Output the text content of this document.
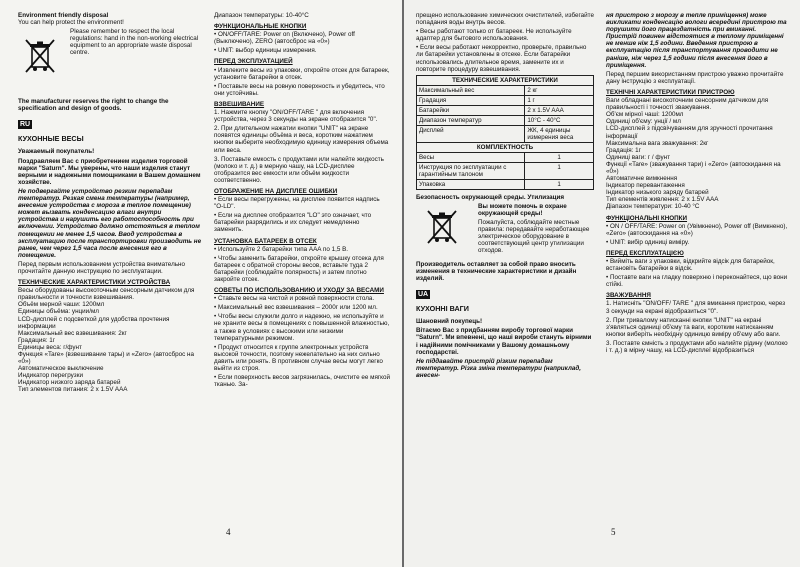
Environment friendly disposal

You can help protect the environment!

Please remember to respect the local regulations: hand in the non-working electrical equipment to an appropriate waste disposal centre.

The manufacturer reserves the right to change the specification and design of goods.

RU
КУХОННЫЕ ВЕСЫ

Уважаемый покупатель!

Поздравляем Вас с приобретением изделия торговой марки "Saturn". Мы уверены, что наши изделия станут верными и надежными помощниками в Вашем домашнем хозяйстве.

Не подвергайте устройство резким перепадам температур. Резкая смена температуры (например, внесение устройства с мороза в теплое помещение) может вызвать конденсацию влаги внутри устройства и нарушить его работоспособность при включении. Устройство должно отстояться в теплом помещении не менее 1,5 часов. Ввод устройства в эксплуатацию после транспортировки производить не ранее, чем через 1,5 часа после внесения его в помещение.

Перед первым использованием устройства внимательно прочитайте данную инструкцию по эксплуатации.

ТЕХНИЧЕСКИЕ ХАРАКТЕРИСТИКИ УСТРОЙСТВА
Весы оборудованы высокоточным сенсорным датчиком для правильности и точности взвешивания.
Объём мерной чаши: 1200мл
Единицы объёма: унции/мл
LCD-дисплей с подсветкой для удобства прочтения информации
Максимальный вес взвешивания: 2кг
Градация: 1г
Единицы веса: г/фунт
Функция «Tare» (взвешивание тары) и «Zero» (автосброс на «0»)
Автоматическое выключение
Индикатор перегрузки
Индикатор низкого заряда батарей
Тип элементов питания: 2 x 1.5V AAA

Диапазон температуры: 10-40°С

ФУНКЦИОНАЛЬНЫЕ КНОПКИ

• ON/OFF/TARE: Power on (Включено), Power off (Выключено), ZERO (автосброс на «0»)

• UNIT: выбор единицы измерения.

ПЕРЕД ЭКСПЛУАТАЦИЕЙ

• Извлеките весы из упаковки, откройте отсек для батареек, установите батарейки в отсек.

• Поставьте весы на ровную поверхность и убедитесь, что они устойчивы.

ВЗВЕШИВАНИЕ

1. Нажмите кнопку "ON/OFF/TARE " для включения устройства, через 3 секунды на экране отобразится "0".

2. При длительном нажатии кнопки "UNIT" на экране появятся единицы объёма и веса, коротким нажатием кнопки выберите необходимую единицу измерения объема или веса.

3. Поставьте емкость с продуктами или налейте жидкость (молоко и т. д.) в мерную чашу, на LCD-дисплее отобразится вес емкости или объём жидкости соответственно.

ОТОБРАЖЕНИЕ НА ДИСПЛЕЕ ОШИБКИ

• Если весы перегружены, на дисплее появится надпись "O-LD".

• Если на дисплее отобразится "LO" это означает, что батарейки разрядились и их следует немедленно заменить.

УСТАНОВКА БАТАРЕЕК В ОТСЕК

• Используйте 2 батарейки типа AAA по 1,5 В.

• Чтобы заменить батарейки, откройте крышку отсека для батареек с обратной стороны весов, вставьте туда 2 батарейки (соблюдайте полярность) и затем плотно закройте отсек.

СОВЕТЫ ПО ИСПОЛЬЗОВАНИЮ И УХОДУ ЗА ВЕСАМИ

• Ставьте весы на чистой и ровной поверхности стола.

• Максимальный вес взвешивания – 2000г или 1200 мл.

• Чтобы весы служили долго и надежно, не используйте и не храните весы в помещениях с повышенной влажностью, а также в условиях с высокими или низкими температурными режимом.

• Продукт относится к группе электронных устройств высокой точности, поэтому нежелательно на них сильно давить или ронять. В противном случае весы могут легко выйти из строя.

• Если поверхность весов загрязнилась, очистите ее мягкой тканью. За-

4

прещено использование химических очистителей, избегайте попадания воды внутрь весов.

• Весы работают только от батареек. Не используйте адаптер для бытового использования.

• Если весы работают некорректно, проверьте, правильно ли батарейки установлены в отсеке. Если батарейки использовались длительное время, замените их и повторите процедуру взвешивания.

ТЕХНИЧЕСКИЕ ХАРАКТЕРИСТИКИ	
Максимальный вес	2 кг
Градация	1 г
Батарейки	2 x 1.5V AAA
Диапазон температур	10°С - 40°С
Дисплей	ЖК, 4 единицы измерения веса
КОМПЛЕКТНОСТЬ	
Весы	1
Инструкция по эксплуатации с гарантийным талоном	1
Упаковка	1

Безопасность окружающей среды. Утилизация

Вы можете помочь в охране окружающей среды!

Пожалуйста, соблюдайте местные правила: передавайте неработающее электрическое оборудование в соответствующий центр утилизации отходов.

Производитель оставляет за собой право вносить изменения в технические характеристики и дизайн изделий.

UA
КУХОННІ ВАГИ

Шановний покупець!

Вітаємо Вас з придбанням виробу торгової марки "Saturn". Ми впевнені, що наші вироби стануть вірними і надійними помічниками у Вашому домашньому господарстві.

Не піддавайте пристрій різким перепадам температур. Різка зміна температури (наприклад, внесен-

ня пристрою з морозу в тепле приміщення) може викликати конденсацію вологи всередині пристрою та порушити його працездатність при вмиканні. Пристрій повинен відстоятися в теплому приміщенні не менше ніж 1,5 години. Введення пристрою в експлуатацію після транспортування проводити не раніше, ніж через 1,5 години після внесення його в приміщення.

Перед першим використанням пристрою уважно прочитайте дану інструкцію з експлуатації.

ТЕХНІЧНІ ХАРАКТЕРИСТИКИ ПРИСТРОЮ
Ваги обладнані високоточним сенсорним датчиком для правильності і точності зважування.
Об'єм мірної чаші: 1200мл
Одиниці об'єму: унції / мл
LCD-дисплей з підсвічуванням для зручності прочитання інформації
Максимальна вага зважування: 2кг
Градація: 1г
Одиниці ваги: г / фунт
Функції «Tare» (зважування тари) і «Zero» (автоскидання на «0»)
Автоматичне вимкнення
Індикатор перевантаження
Індикатор низького заряду батарей
Тип елементів живлення: 2 x 1.5V AAA
Діапазон температури: 10-40 °С
ФУНКЦІОНАЛЬНІ КНОПКИ

• ON / OFF/TARE: Power on (Увімкнено), Power off (Вимкнено), «Zero» (автоскидання на «0»)

• UNIT: вибір одиниці виміру.

ПЕРЕД ЕКСПЛУАТАЦІЄЮ

• Вийміть ваги з упаковки, відкрийте відсік для батарейок, встановіть батарейки в відсік.

• Поставте ваги на гладку поверхню і переконайтеся, що вони стійкі.

ЗВАЖУВАННЯ

1. Натисніть "ON/OFF/ TARE " для вмикання пристрою, через 3 секунди на екрані відобразиться "0".

2. При тривалому натисканні кнопки "UNIT" на екрані з'являться одиниці об'єму та ваги, коротким натисканням кнопки виберіть необхідну одиницю виміру об'єму або ваги.

3. Поставте ємність з продуктами або налийте рідину (молоко і т. д.) в мірну чашу, на LCD-дисплеї відобразиться

5
